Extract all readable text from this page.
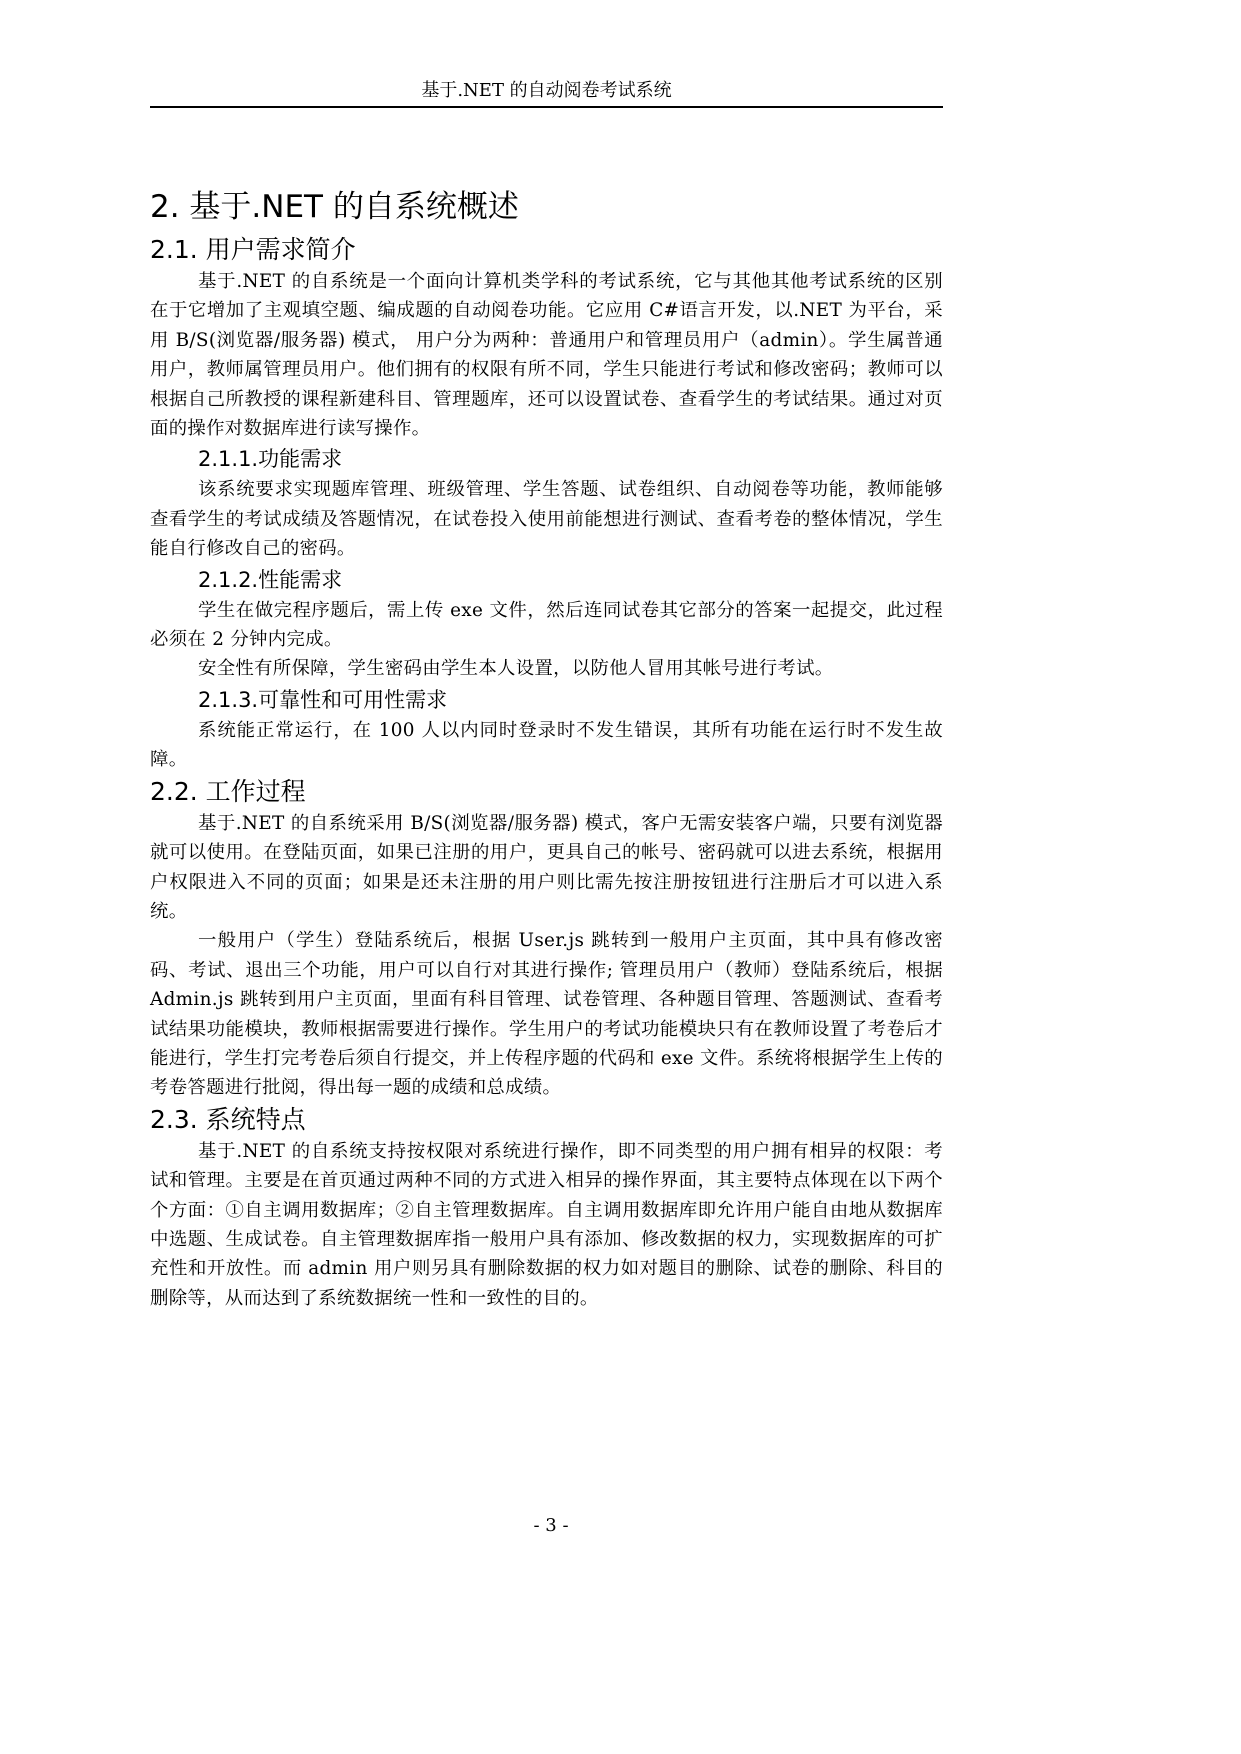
基于.NET 的自动阅卷考试系统
2. 基于.NET 的自系统概述
2.1. 用户需求简介

基于.NET 的自系统是一个面向计算机类学科的考试系统，它与其他其他考试系统的区别在于它增加了主观填空题、编成题的自动阅卷功能。它应用 C#语言开发，以.NET 为平台，采用 B/S(浏览器/服务器) 模式， 用户分为两种：普通用户和管理员用户（admin）。学生属普通用户，教师属管理员用户。他们拥有的权限有所不同，学生只能进行考试和修改密码；教师可以根据自己所教授的课程新建科目、管理题库，还可以设置试卷、查看学生的考试结果。通过对页面的操作对数据库进行读写操作。

2.1.1.功能需求

该系统要求实现题库管理、班级管理、学生答题、试卷组织、自动阅卷等功能，教师能够查看学生的考试成绩及答题情况，在试卷投入使用前能想进行测试、查看考卷的整体情况，学生能自行修改自己的密码。

2.1.2.性能需求

学生在做完程序题后，需上传 exe 文件，然后连同试卷其它部分的答案一起提交，此过程必须在 2 分钟内完成。

安全性有所保障，学生密码由学生本人设置，以防他人冒用其帐号进行考试。

2.1.3.可靠性和可用性需求

系统能正常运行，在 100 人以内同时登录时不发生错误，其所有功能在运行时不发生故障。

2.2. 工作过程

基于.NET 的自系统采用 B/S(浏览器/服务器) 模式，客户无需安装客户端，只要有浏览器就可以使用。在登陆页面，如果已注册的用户，更具自己的帐号、密码就可以进去系统，根据用户权限进入不同的页面；如果是还未注册的用户则比需先按注册按钮进行注册后才可以进入系统。

一般用户（学生）登陆系统后，根据 User.js 跳转到一般用户主页面，其中具有修改密码、考试、退出三个功能，用户可以自行对其进行操作; 管理员用户（教师）登陆系统后，根据 Admin.js 跳转到用户主页面，里面有科目管理、试卷管理、各种题目管理、答题测试、查看考试结果功能模块，教师根据需要进行操作。学生用户的考试功能模块只有在教师设置了考卷后才能进行，学生打完考卷后须自行提交，并上传程序题的代码和 exe 文件。系统将根据学生上传的考卷答题进行批阅，得出每一题的成绩和总成绩。

2.3. 系统特点

基于.NET 的自系统支持按权限对系统进行操作，即不同类型的用户拥有相异的权限：考试和管理。主要是在首页通过两种不同的方式进入相异的操作界面，其主要特点体现在以下两个个方面：①自主调用数据库；②自主管理数据库。自主调用数据库即允许用户能自由地从数据库中选题、生成试卷。自主管理数据库指一般用户具有添加、修改数据的权力，实现数据库的可扩充性和开放性。而 admin 用户则另具有删除数据的权力如对题目的删除、试卷的删除、科目的删除等，从而达到了系统数据统一性和一致性的目的。

- 3 -
